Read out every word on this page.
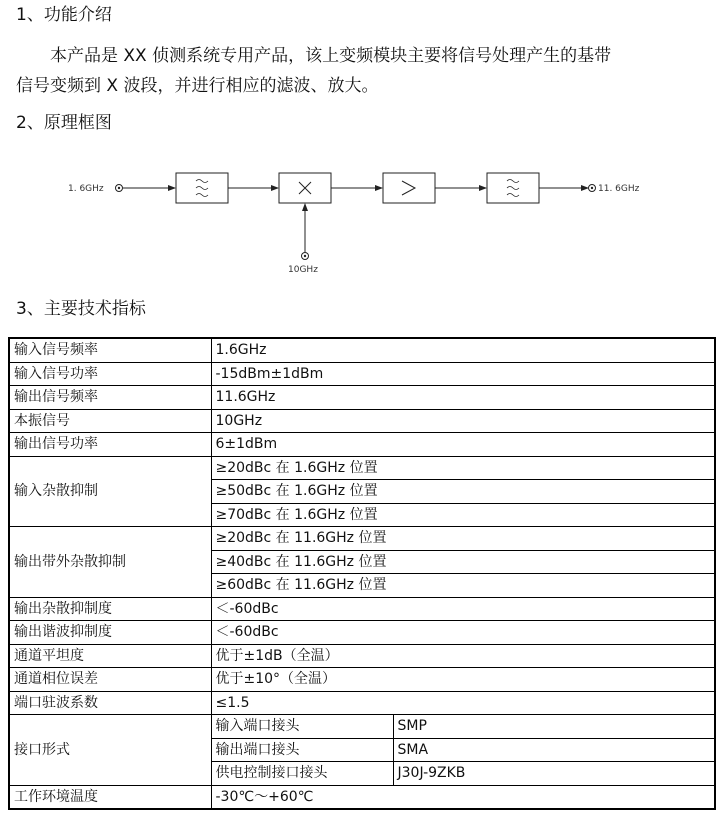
1、功能介绍
本产品是 XX 侦测系统专用产品，该上变频模块主要将信号处理产生的基带
信号变频到 X 波段，并进行相应的滤波、放大。
2、原理框图
1. 6GHz	11. 6GHz
10GHz
3、主要技术指标
输入信号频率	1.6GHz	
输入信号功率	-15dBm±1dBm	
输出信号频率	11.6GHz	
本振信号	10GHz	
输出信号功率	6±1dBm	
输入杂散抑制	≥20dBc 在 1.6GHz 位置	
	≥50dBc 在 1.6GHz 位置	
	≥70dBc 在 1.6GHz 位置	
输出带外杂散抑制	≥20dBc 在 11.6GHz 位置	
	≥40dBc 在 11.6GHz 位置	
	≥60dBc 在 11.6GHz 位置	
输出杂散抑制度	＜-60dBc	
输出谐波抑制度	＜-60dBc	
通道平坦度	优于±1dB（全温）	
通道相位误差	优于±10°（全温）	
端口驻波系数	≤1.5	
接口形式	输入端口接头	SMP
	输出端口接头	SMA
	供电控制接口接头	J30J-9ZKB
工作环境温度	-30℃～+60℃	
